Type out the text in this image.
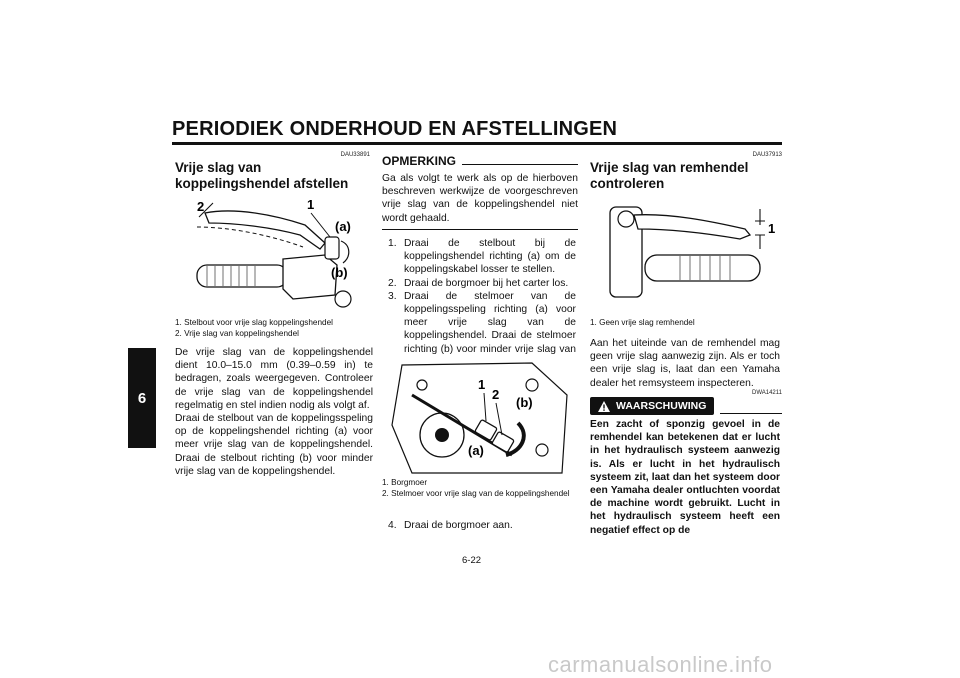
PERIODIEK ONDERHOUD EN AFSTELLINGEN
6
DAU33891
Vrije slag van koppelingshendel afstellen
2	1
(a)
(b)
1. Stelbout voor vrije slag koppelingshendel
2. Vrije slag van koppelingshendel
De vrije slag van de koppelingshendel dient 10.0–15.0 mm (0.39–0.59 in) te bedragen, zoals weergegeven. Controleer de vrije slag van de koppelingshendel regelmatig en stel indien nodig als volgt af.
Draai de stelbout van de koppelingsspeling op de koppelingshendel richting (a) voor meer vrije slag van de koppelingshendel. Draai de stelbout richting (b) voor minder vrije slag van de koppelingshendel.
OPMERKING
Ga als volgt te werk als op de hierboven beschreven werkwijze de voorgeschreven vrije slag van de koppelingshendel niet wordt gehaald.
1. Draai de stelbout bij de koppelingshendel richting (a) om de koppelingskabel losser te stellen.
2. Draai de borgmoer bij het carter los.
3. Draai de stelmoer van de koppelingsspeling richting (a) voor meer vrije slag van de koppelingshendel. Draai de stelmoer richting (b) voor minder vrije slag van
1
2
(b)
(a)
1. Borgmoer
2. Stelmoer voor vrije slag van de koppelingshendel
4. Draai de borgmoer aan.
DAU37913
Vrije slag van remhendel controleren
1
1. Geen vrije slag remhendel
Aan het uiteinde van de remhendel mag geen vrije slag aanwezig zijn. Als er toch een vrije slag is, laat dan een Yamaha dealer het remsysteem inspecteren.
DWA14211
WAARSCHUWING
Een zacht of sponzig gevoel in de remhendel kan betekenen dat er lucht in het hydraulisch systeem aanwezig is. Als er lucht in het hydraulisch systeem zit, laat dan het systeem door een Yamaha dealer ontluchten voordat de machine wordt gebruikt. Lucht in het hydraulisch systeem heeft een negatief effect op de
6-22
carmanualsonline.info
